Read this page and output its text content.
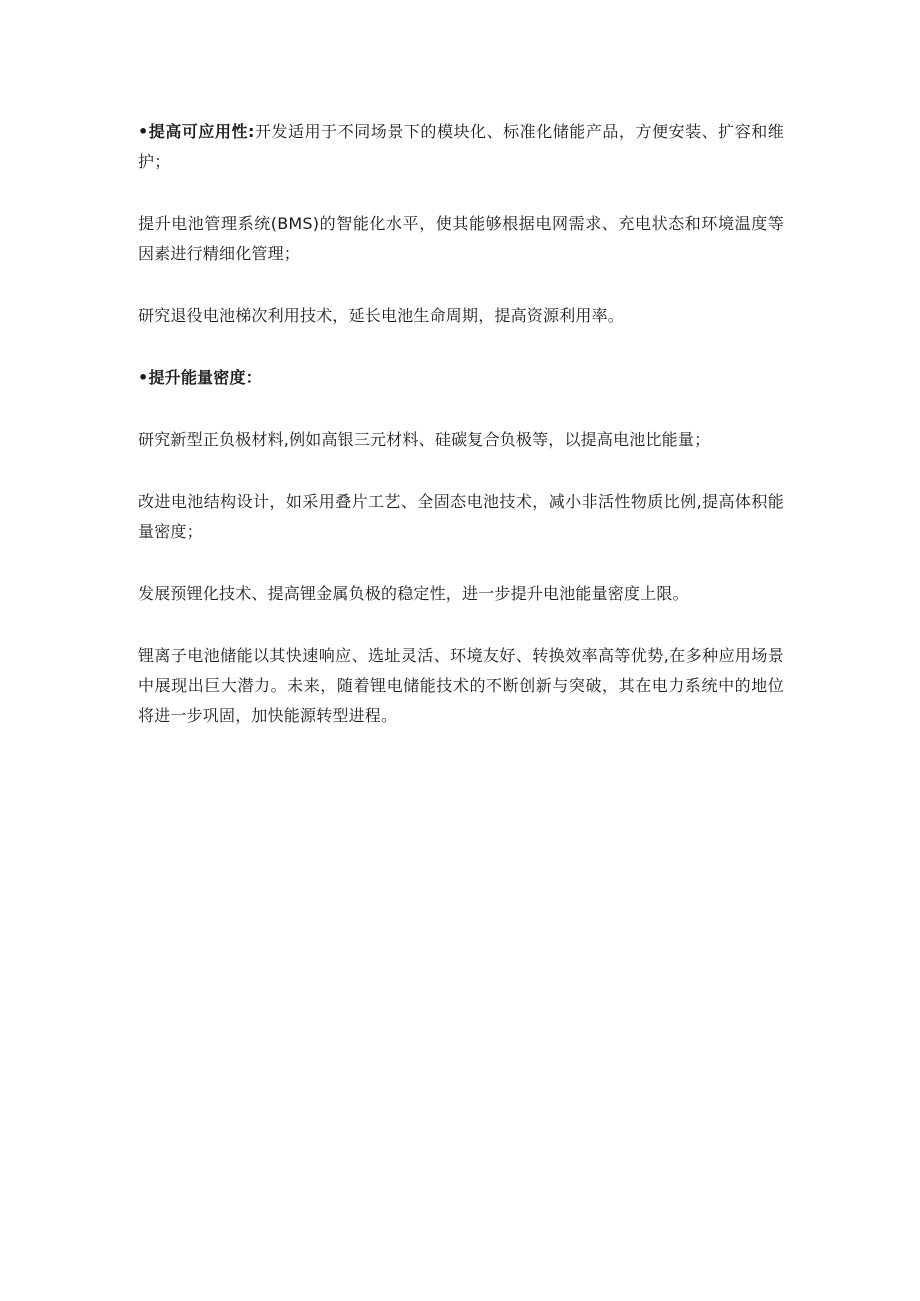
•提高可应用性:开发适用于不同场景下的模块化、标准化储能产品，方便安装、扩容和维护；

提升电池管理系统(BMS)的智能化水平，使其能够根据电网需求、充电状态和环境温度等因素进行精细化管理；

研究退役电池梯次利用技术，延长电池生命周期，提高资源利用率。

•提升能量密度：

研究新型正负极材料,例如高银三元材料、硅碳复合负极等，以提高电池比能量；

改进电池结构设计，如采用叠片工艺、全固态电池技术，减小非活性物质比例,提高体积能量密度；

发展预锂化技术、提高锂金属负极的稳定性，进一步提升电池能量密度上限。

锂离子电池储能以其快速响应、选址灵活、环境友好、转换效率高等优势,在多种应用场景中展现出巨大潜力。未来，随着锂电储能技术的不断创新与突破，其在电力系统中的地位将进一步巩固，加快能源转型进程。
